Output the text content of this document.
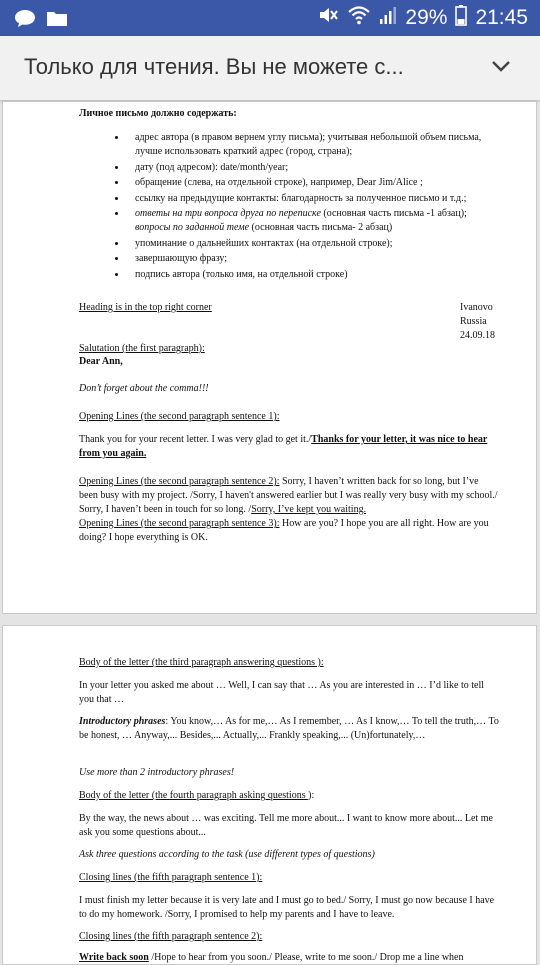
29% 21:45
Только для чтения. Вы не можете с...
Личное письмо должно содержать:
• адрес автора (в правом вернем углу письма); учитывая небольшой объем письма, лучше использовать краткий адрес (город, страна);
• дату (под адресом): date/month/year;
• обращение (слева, на отдельной строке), например, Dear Jim/Alice ;
• ссылку на предыдущие контакты: благодарность за полученное письмо и т.д.;
• ответы на три вопроса друга по переписке (основная часть письма -1 абзац); вопросы по заданной теме (основная часть письма- 2 абзац)
• упоминание о дальнейших контактах (на отдельной строке);
• завершающую фразу;
• подпись автора (только имя, на отдельной строке)
Heading is in the top right corner	Ivanovo
Russia
24.09.18
Salutation (the first paragraph):
Dear Ann,
Don’t forget about the comma!!!
Opening Lines (the second paragraph sentence 1):
Thank you for your recent letter. I was very glad to get it./Thanks for your letter, it was nice to hear from you again.
Opening Lines (the second paragraph sentence 2): Sorry, I haven’t written back for so long, but I’ve been busy with my project. /Sorry, I haven't answered earlier but I was really very busy with my school./ Sorry, I haven’t been in touch for so long. /Sorry, I’ve kept you waiting.
Opening Lines (the second paragraph sentence 3): How are you? I hope you are all right. How are you doing? I hope everything is OK.
Body of the letter (the third paragraph answering questions ):
In your letter you asked me about … Well, I can say that … As you are interested in … I’d like to tell you that …
Introductory phrases: You know,… As for me,… As I remember, … As I know,… To tell the truth,… To be honest, … Anyway,... Besides,... Actually,... Frankly speaking,... (Un)fortunately,…
Use more than 2 introductory phrases!
Body of the letter (the fourth paragraph asking questions ):
By the way, the news about … was exciting. Tell me more about... I want to know more about... Let me ask you some questions about...
Ask three questions according to the task (use different types of questions)
Closing lines (the fifth paragraph sentence 1):
I must finish my letter because it is very late and I must go to bed./ Sorry, I must go now because I have to do my homework. /Sorry, I promised to help my parents and I have to leave.
Closing lines (the fifth paragraph sentence 2):
Write back soon /Hope to hear from you soon./ Please, write to me soon./ Drop me a line when
